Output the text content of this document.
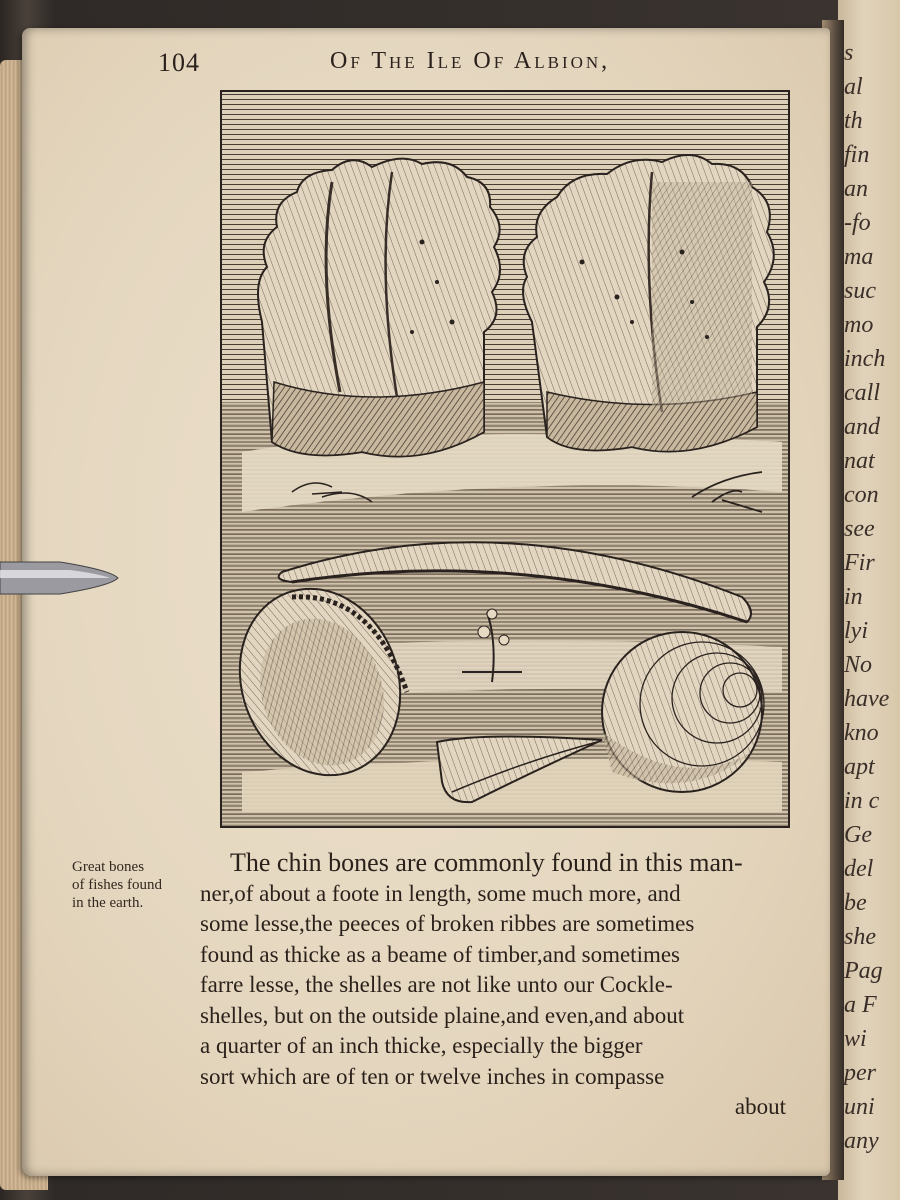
s
al
th
fin
an
-fo
ma
suc
mo
inch
call
and
nat
con
see
Fir
in
lyi
No
have
kno
apt
in c
Ge
del
be
she
Pag
a F
wi
per
uni
any
104	Of The Ile Of Albion,
Great bones
of fishes found
in the earth.
The chin bones are commonly found in this man-
ner,of about a foote in length, some much more, and
some lesse,the peeces of broken ribbes are sometimes
found as thicke as a beame of timber,and sometimes
farre lesse, the shelles are not like unto our Cockle-
shelles, but on the outside plaine,and even,and about
a quarter of an inch thicke, especially the bigger
sort which are of ten or twelve inches in compasse
about
